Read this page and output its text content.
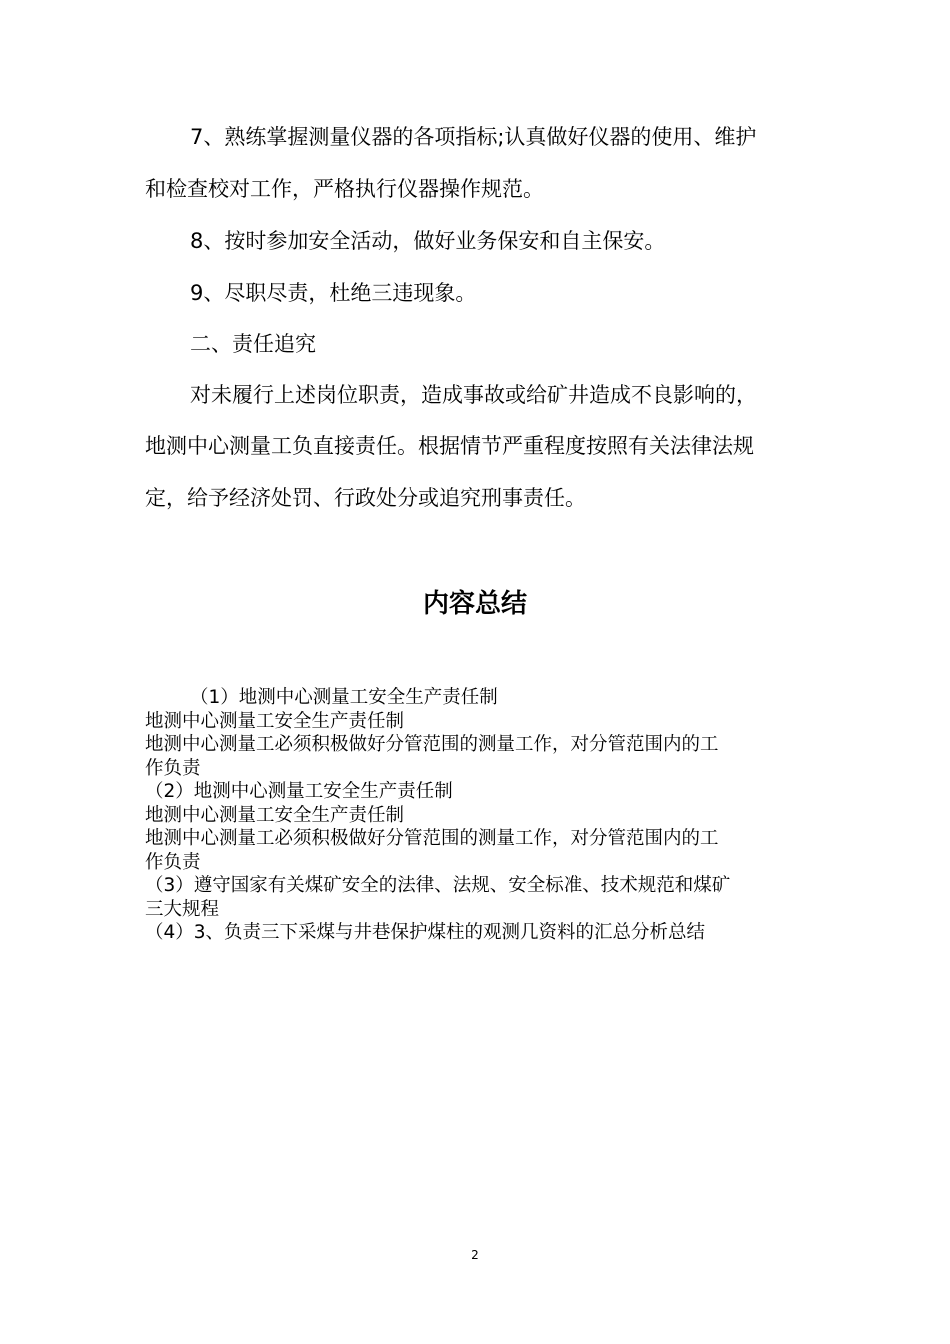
7、熟练掌握测量仪器的各项指标;认真做好仪器的使用、维护

和检查校对工作，严格执行仪器操作规范。

8、按时参加安全活动，做好业务保安和自主保安。

9、尽职尽责，杜绝三违现象。

二、责任追究

对未履行上述岗位职责，造成事故或给矿井造成不良影响的，

地测中心测量工负直接责任。根据情节严重程度按照有关法律法规

定，给予经济处罚、行政处分或追究刑事责任。

内容总结

（1）地测中心测量工安全生产责任制

地测中心测量工安全生产责任制

地测中心测量工必须积极做好分管范围的测量工作，对分管范围内的工

作负责

（2）地测中心测量工安全生产责任制

地测中心测量工安全生产责任制

地测中心测量工必须积极做好分管范围的测量工作，对分管范围内的工

作负责

（3）遵守国家有关煤矿安全的法律、法规、安全标准、技术规范和煤矿

三大规程

（4）3、负责三下采煤与井巷保护煤柱的观测几资料的汇总分析总结

2
